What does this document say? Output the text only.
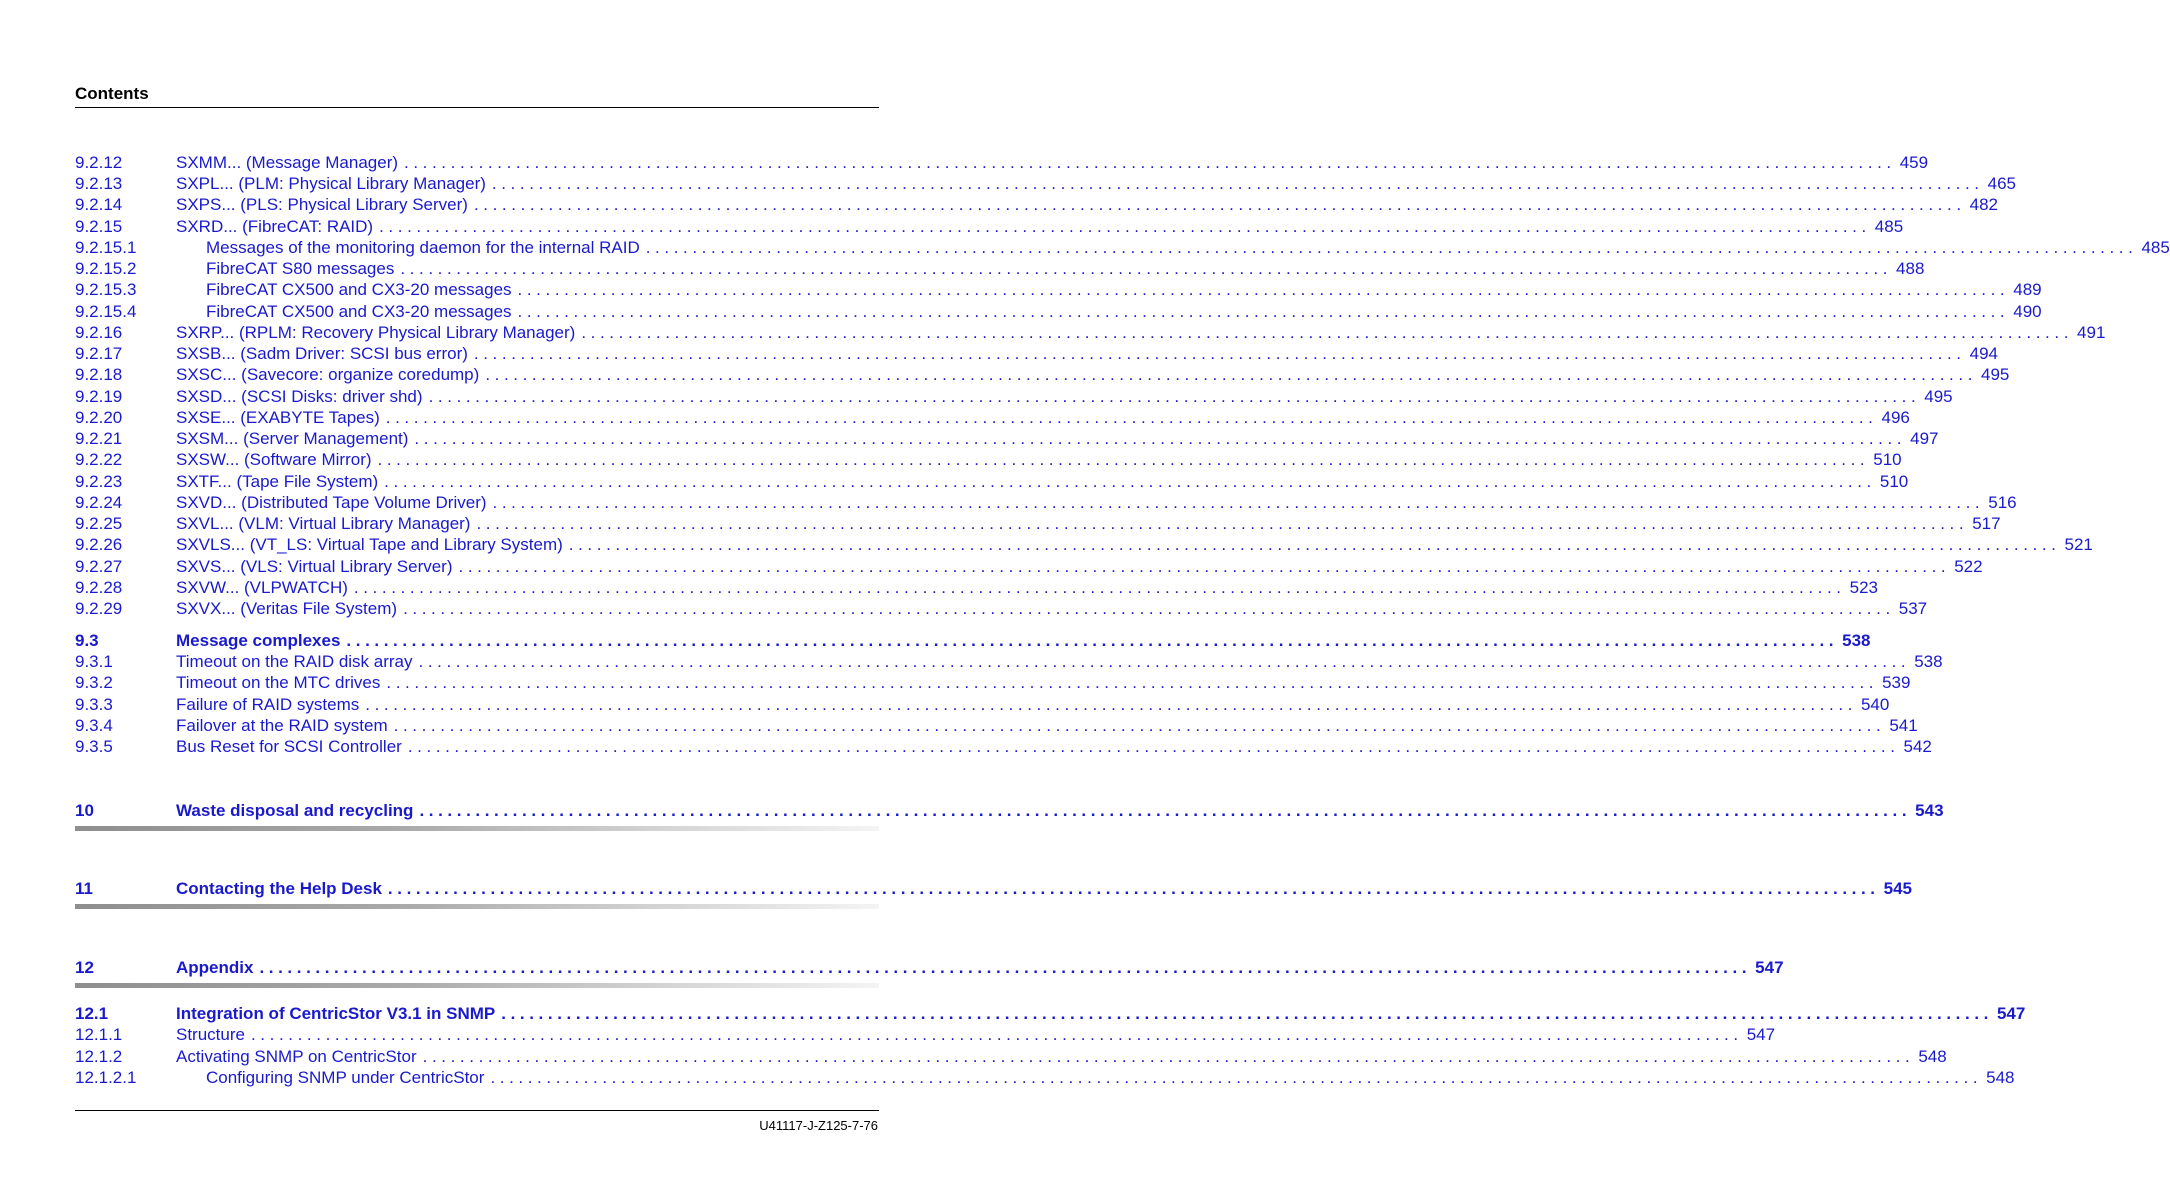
Contents
9.2.12	SXMM... (Message Manager) ................................................................................................................................................................ 459
9.2.13	SXPL... (PLM: Physical Library Manager) ................................................................................................................................................................ 465
9.2.14	SXPS... (PLS: Physical Library Server) ................................................................................................................................................................ 482
9.2.15	SXRD... (FibreCAT: RAID) ................................................................................................................................................................ 485
9.2.15.1	Messages of the monitoring daemon for the internal RAID ................................................................................................................................................................ 485
9.2.15.2	FibreCAT S80 messages ................................................................................................................................................................ 488
9.2.15.3	FibreCAT CX500 and CX3-20 messages ................................................................................................................................................................ 489
9.2.15.4	FibreCAT CX500 and CX3-20 messages ................................................................................................................................................................ 490
9.2.16	SXRP... (RPLM: Recovery Physical Library Manager) ................................................................................................................................................................ 491
9.2.17	SXSB... (Sadm Driver: SCSI bus error) ................................................................................................................................................................ 494
9.2.18	SXSC... (Savecore: organize coredump) ................................................................................................................................................................ 495
9.2.19	SXSD... (SCSI Disks: driver shd) ................................................................................................................................................................ 495
9.2.20	SXSE... (EXABYTE Tapes) ................................................................................................................................................................ 496
9.2.21	SXSM... (Server Management) ................................................................................................................................................................ 497
9.2.22	SXSW... (Software Mirror) ................................................................................................................................................................ 510
9.2.23	SXTF... (Tape File System) ................................................................................................................................................................ 510
9.2.24	SXVD... (Distributed Tape Volume Driver) ................................................................................................................................................................ 516
9.2.25	SXVL... (VLM: Virtual Library Manager) ................................................................................................................................................................ 517
9.2.26	SXVLS... (VT_LS: Virtual Tape and Library System) ................................................................................................................................................................ 521
9.2.27	SXVS... (VLS: Virtual Library Server) ................................................................................................................................................................ 522
9.2.28	SXVW... (VLPWATCH) ................................................................................................................................................................ 523
9.2.29	SXVX... (Veritas File System) ................................................................................................................................................................ 537
9.3	Message complexes ................................................................................................................................................................ 538
9.3.1	Timeout on the RAID disk array ................................................................................................................................................................ 538
9.3.2	Timeout on the MTC drives ................................................................................................................................................................ 539
9.3.3	Failure of RAID systems ................................................................................................................................................................ 540
9.3.4	Failover at the RAID system ................................................................................................................................................................ 541
9.3.5	Bus Reset for SCSI Controller ................................................................................................................................................................ 542
10	Waste disposal and recycling ................................................................................................................................................................ 543
11	Contacting the Help Desk ................................................................................................................................................................ 545
12	Appendix ................................................................................................................................................................ 547
12.1	Integration of CentricStor V3.1 in SNMP ................................................................................................................................................................ 547
12.1.1	Structure ................................................................................................................................................................ 547
12.1.2	Activating SNMP on CentricStor ................................................................................................................................................................ 548
12.1.2.1	Configuring SNMP under CentricStor ................................................................................................................................................................ 548
U41117-J-Z125-7-76
